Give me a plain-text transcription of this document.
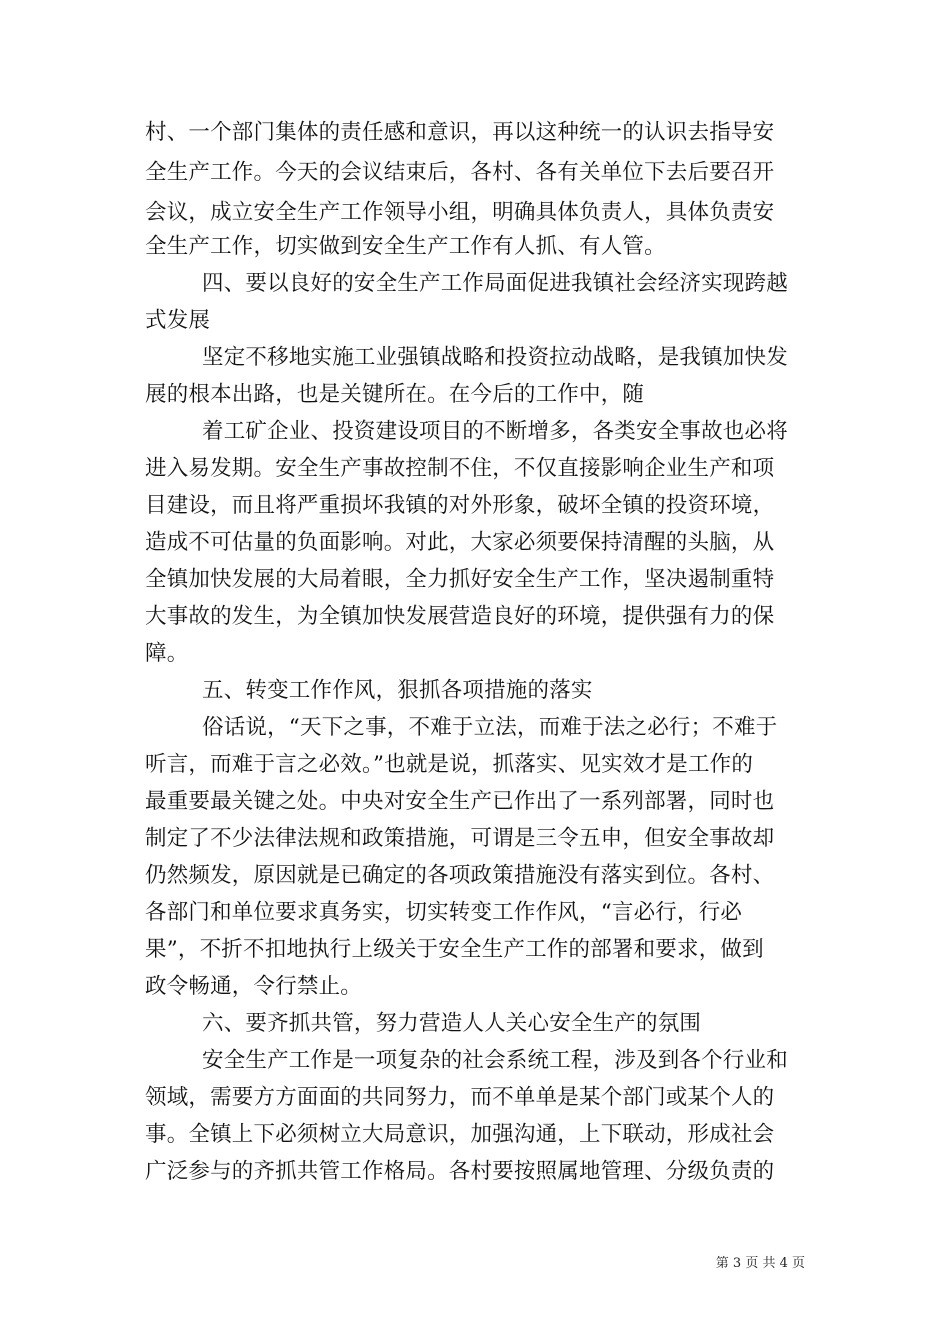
村、一个部门集体的责任感和意识，再以这种统一的认识去指导安
全生产工作。今天的会议结束后，各村、各有关单位下去后要召开
会议，成立安全生产工作领导小组，明确具体负责人，具体负责安
全生产工作，切实做到安全生产工作有人抓、有人管。
四、要以良好的安全生产工作局面促进我镇社会经济实现跨越
式发展
坚定不移地实施工业强镇战略和投资拉动战略，是我镇加快发
展的根本出路，也是关键所在。在今后的工作中，随
着工矿企业、投资建设项目的不断增多，各类安全事故也必将
进入易发期。安全生产事故控制不住，不仅直接影响企业生产和项
目建设，而且将严重损坏我镇的对外形象，破坏全镇的投资环境，
造成不可估量的负面影响。对此，大家必须要保持清醒的头脑，从
全镇加快发展的大局着眼，全力抓好安全生产工作，坚决遏制重特
大事故的发生，为全镇加快发展营造良好的环境，提供强有力的保
障。
五、转变工作作风，狠抓各项措施的落实
俗话说，“天下之事，不难于立法，而难于法之必行；不难于
听言，而难于言之必效。”也就是说，抓落实、见实效才是工作的
最重要最关键之处。中央对安全生产已作出了一系列部署，同时也
制定了不少法律法规和政策措施，可谓是三令五申，但安全事故却
仍然频发，原因就是已确定的各项政策措施没有落实到位。各村、
各部门和单位要求真务实，切实转变工作作风，“言必行，行必
果”，不折不扣地执行上级关于安全生产工作的部署和要求，做到
政令畅通，令行禁止。
六、要齐抓共管，努力营造人人关心安全生产的氛围
安全生产工作是一项复杂的社会系统工程，涉及到各个行业和
领域，需要方方面面的共同努力，而不单单是某个部门或某个人的
事。全镇上下必须树立大局意识，加强沟通，上下联动，形成社会
广泛参与的齐抓共管工作格局。各村要按照属地管理、分级负责的
第 3 页 共 4 页
